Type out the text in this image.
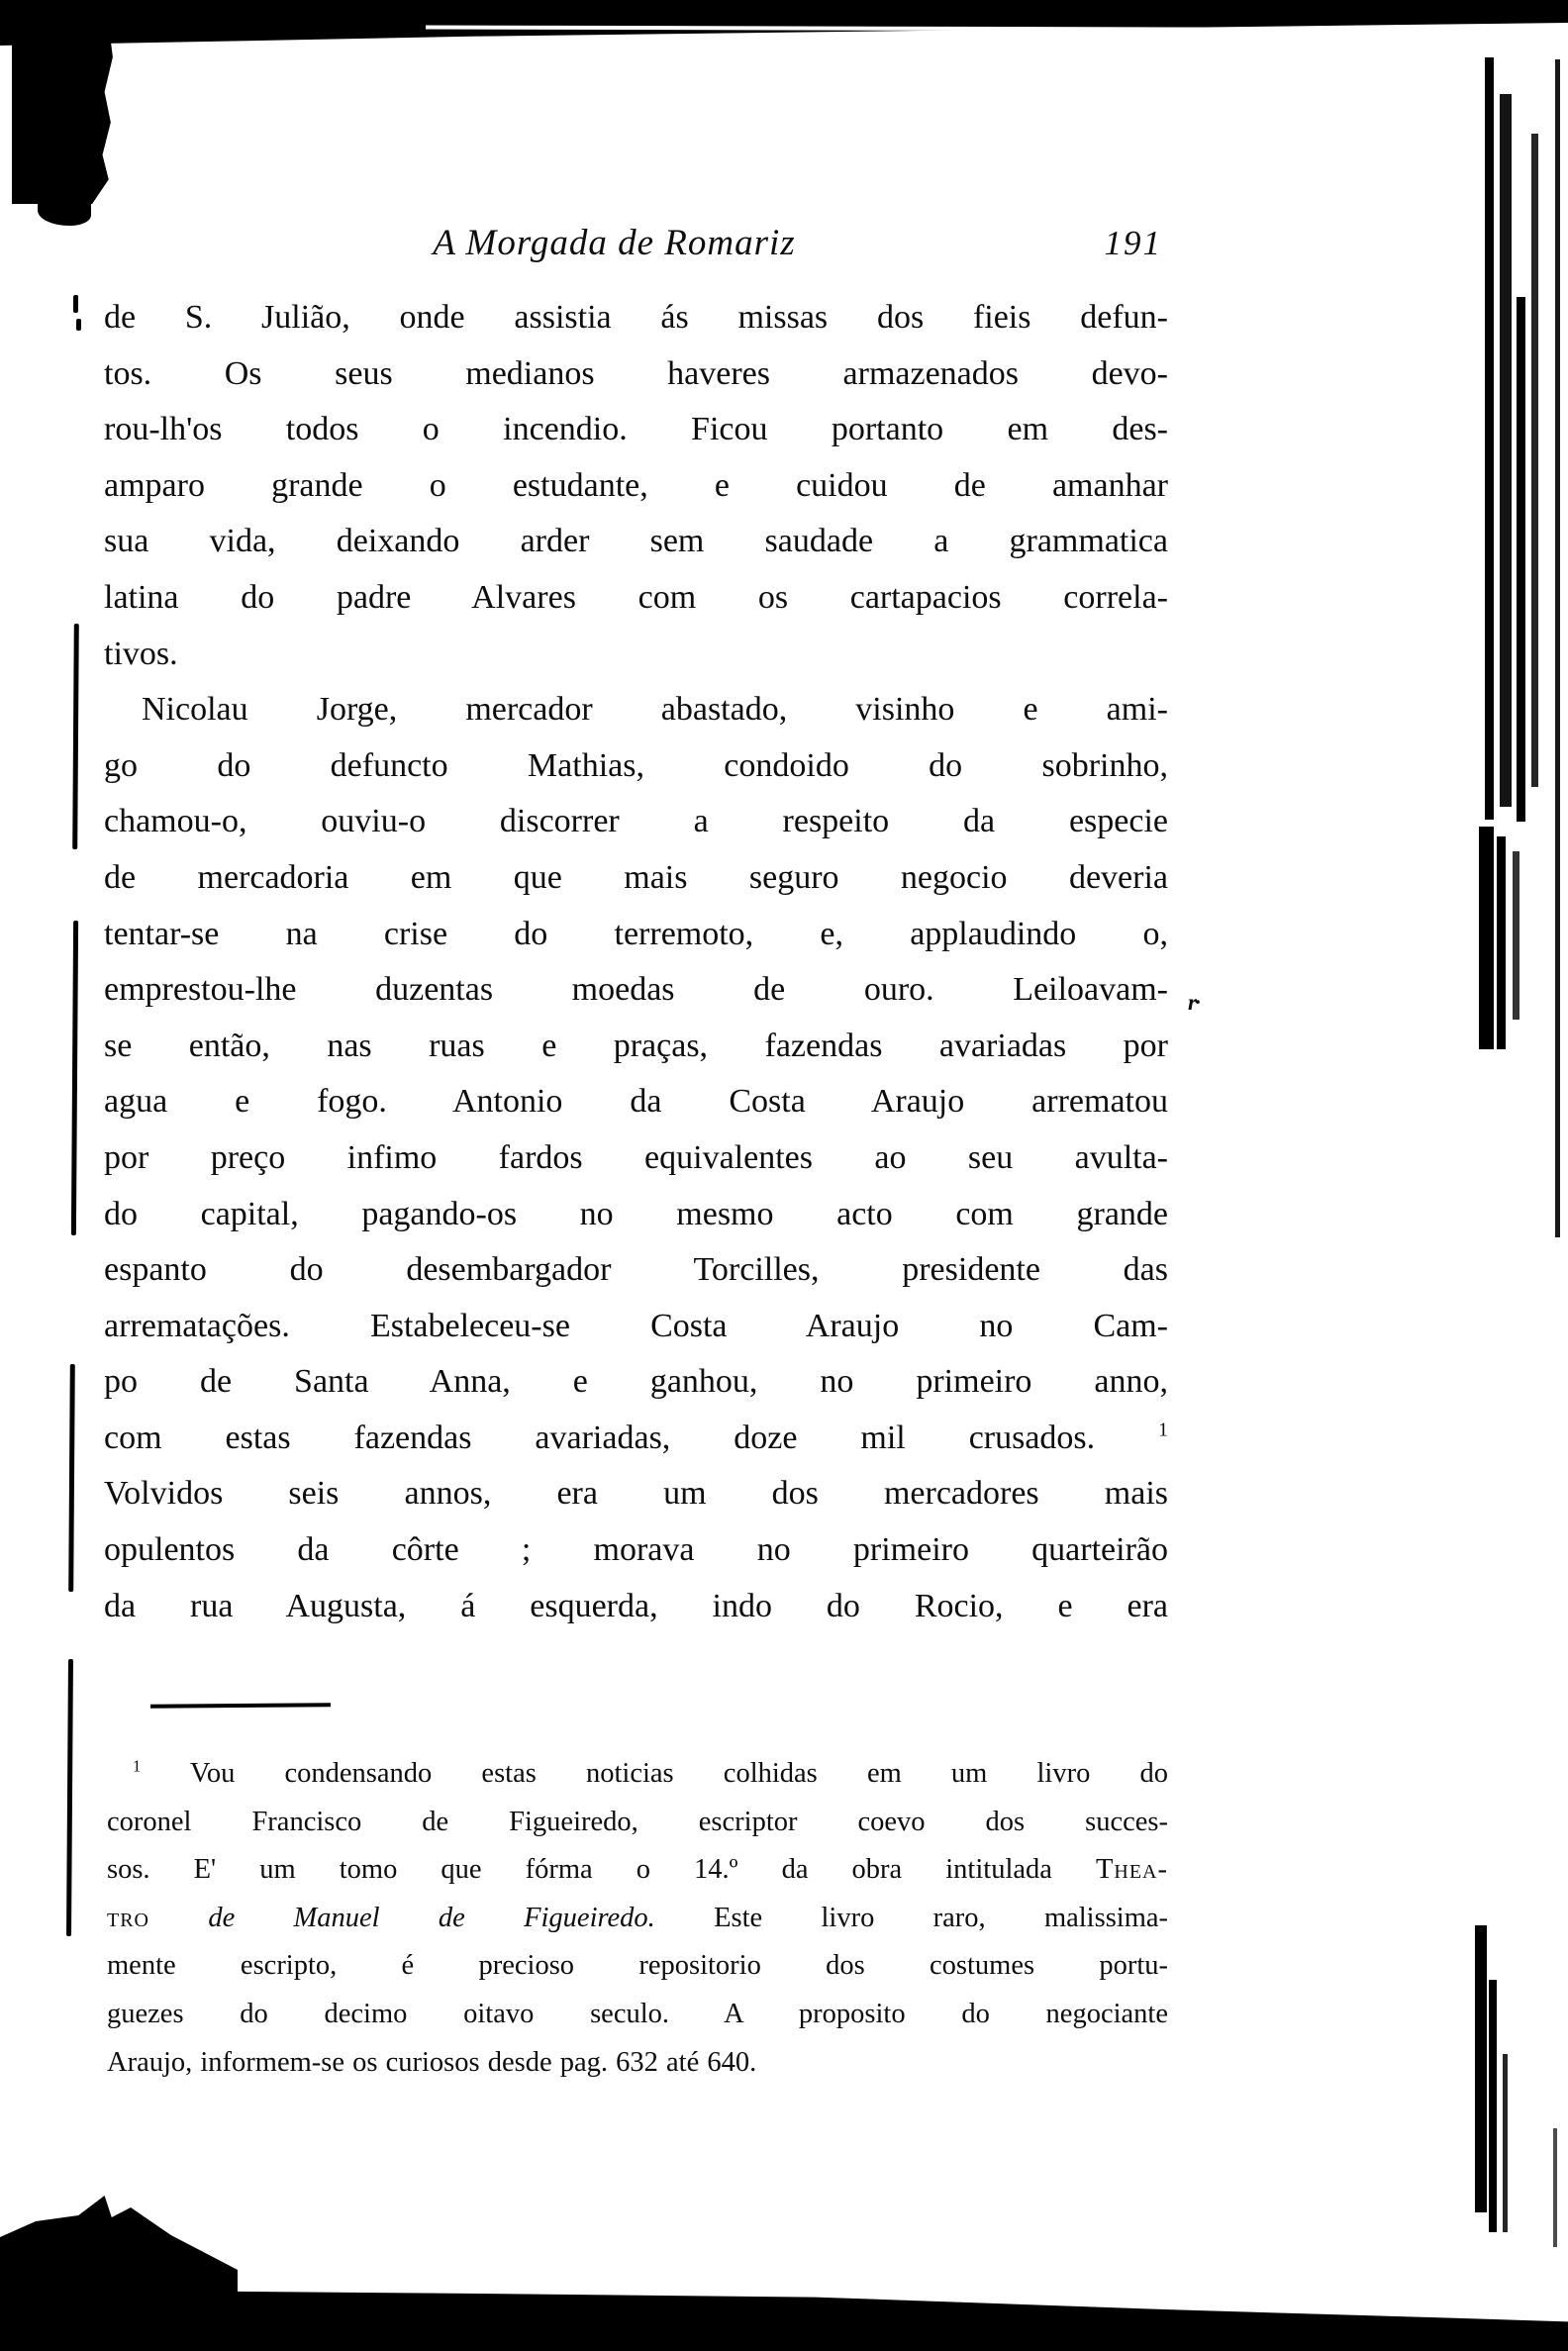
A Morgada de Romariz	191
de S. Julião, onde assistia ás missas dos fieis defun-
tos. Os seus medianos haveres armazenados devo-
rou-lh'os todos o incendio. Ficou portanto em des-
amparo grande o estudante, e cuidou de amanhar
sua vida, deixando arder sem saudade a grammatica
latina do padre Alvares com os cartapacios correla-
tivos.
Nicolau Jorge, mercador abastado, visinho e ami-
go do defuncto Mathias, condoido do sobrinho,
chamou-o, ouviu-o discorrer a respeito da especie
de mercadoria em que mais seguro negocio deveria
tentar-se na crise do terremoto, e, applaudindo o,
emprestou-lhe duzentas moedas de ouro. Leiloavam-
se então, nas ruas e praças, fazendas avariadas por
agua e fogo. Antonio da Costa Araujo arrematou
por preço infimo fardos equivalentes ao seu avulta-
do capital, pagando-os no mesmo acto com grande
espanto do desembargador Torcilles, presidente das
arrematações. Estabeleceu-se Costa Araujo no Cam-
po de Santa Anna, e ganhou, no primeiro anno,
com estas fazendas avariadas, doze mil crusados. $^1$
Volvidos seis annos, era um dos mercadores mais
opulentos da côrte ; morava no primeiro quarteirão
da rua Augusta, á esquerda, indo do Rocio, e era
r·
$^1$ Vou condensando estas noticias colhidas em um livro do
coronel Francisco de Figueiredo, escriptor coevo dos succes-
sos. E' um tomo que fórma o 14.º da obra intitulada Thea-
tro de Manuel de Figueiredo. Este livro raro, malissima-
mente escripto, é precioso repositorio dos costumes portu-
guezes do decimo oitavo seculo. A proposito do negociante
Araujo, informem-se os curiosos desde pag. 632 até 640.
